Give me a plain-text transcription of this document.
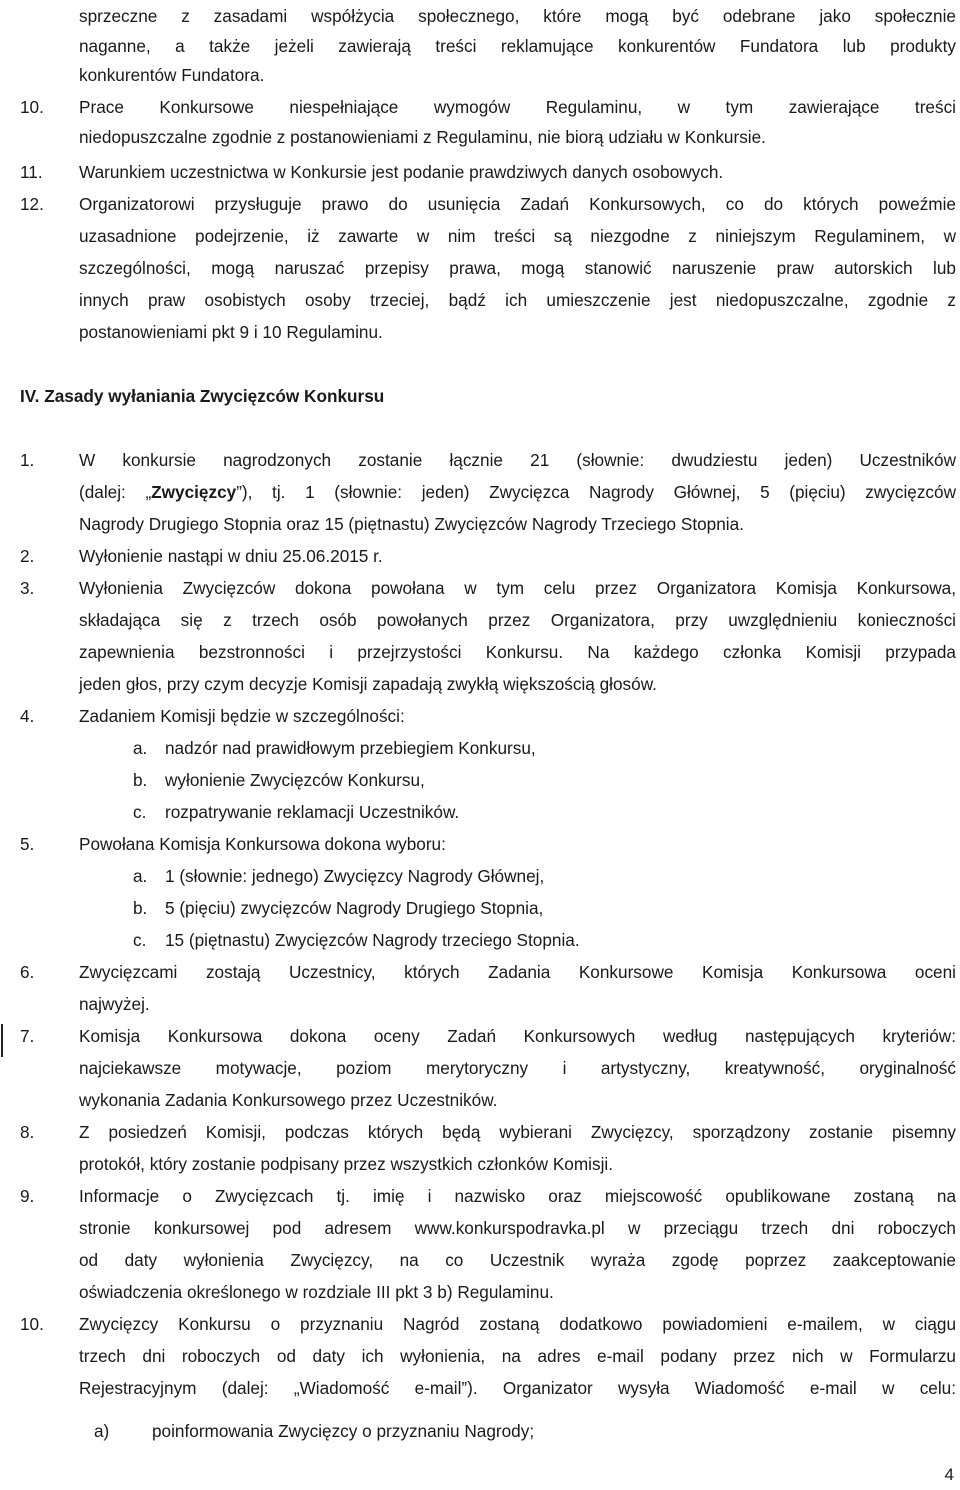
sprzeczne z zasadami współżycia społecznego, które mogą być odebrane jako społecznie
naganne, a także jeżeli zawierają treści reklamujące konkurentów Fundatora lub produkty
konkurentów Fundatora.
10. Prace Konkursowe niespełniające wymogów Regulaminu, w tym zawierające treści
niedopuszczalne zgodnie z postanowieniami z Regulaminu, nie biorą udziału w Konkursie.
11. Warunkiem uczestnictwa w Konkursie jest podanie prawdziwych danych osobowych.
12. Organizatorowi przysługuje prawo do usunięcia Zadań Konkursowych, co do których poweźmie
uzasadnione podejrzenie, iż zawarte w nim treści są niezgodne z niniejszym Regulaminem, w
szczególności, mogą naruszać przepisy prawa, mogą stanowić naruszenie praw autorskich lub
innych praw osobistych osoby trzeciej, bądź ich umieszczenie jest niedopuszczalne, zgodnie z
postanowieniami pkt 9 i 10 Regulaminu.
IV. Zasady wyłaniania Zwycięzców Konkursu
1.	W konkursie nagrodzonych zostanie łącznie 21 (słownie: dwudziestu jeden) Uczestników
(dalej: „Zwycięzcy”), tj. 1 (słownie: jeden) Zwycięzca Nagrody Głównej, 5 (pięciu) zwycięzców
Nagrody Drugiego Stopnia oraz 15 (piętnastu) Zwycięzców Nagrody Trzeciego Stopnia.
2.	Wyłonienie nastąpi w dniu 25.06.2015 r.
3.	Wyłonienia Zwycięzców dokona powołana w tym celu przez Organizatora Komisja Konkursowa,
składająca się z trzech osób powołanych przez Organizatora, przy uwzględnieniu konieczności
zapewnienia bezstronności i przejrzystości Konkursu. Na każdego członka Komisji przypada
jeden głos, przy czym decyzje Komisji zapadają zwykłą większością głosów.
4.	Zadaniem Komisji będzie w szczególności:
a. nadzór nad prawidłowym przebiegiem Konkursu,
b. wyłonienie Zwycięzców Konkursu,
c. rozpatrywanie reklamacji Uczestników.
5.	Powołana Komisja Konkursowa dokona wyboru:
a. 1 (słownie: jednego) Zwycięzcy Nagrody Głównej,
b. 5 (pięciu) zwycięzców Nagrody Drugiego Stopnia,
c. 15 (piętnastu) Zwycięzców Nagrody trzeciego Stopnia.
6.	Zwycięzcami zostają Uczestnicy, których Zadania Konkursowe Komisja Konkursowa oceni
najwyżej.
7.	Komisja Konkursowa dokona oceny Zadań Konkursowych według następujących kryteriów:
najciekawsze motywacje, poziom merytoryczny i artystyczny, kreatywność, oryginalność
wykonania Zadania Konkursowego przez Uczestników.
8.	Z posiedzeń Komisji, podczas których będą wybierani Zwycięzcy, sporządzony zostanie pisemny
protokół, który zostanie podpisany przez wszystkich członków Komisji.
9.	Informacje o Zwycięzcach tj. imię i nazwisko oraz miejscowość opublikowane zostaną na
stronie konkursowej pod adresem www.konkurspodravka.pl w przeciągu trzech dni roboczych
od daty wyłonienia Zwycięzcy, na co Uczestnik wyraża zgodę poprzez zaakceptowanie
oświadczenia określonego w rozdziale III pkt 3 b) Regulaminu.
10. Zwycięzcy Konkursu o przyznaniu Nagród zostaną dodatkowo powiadomieni e-mailem, w ciągu
trzech dni roboczych od daty ich wyłonienia, na adres e-mail podany przez nich w Formularzu
Rejestracyjnym (dalej: „Wiadomość e-mail”). Organizator wysyła Wiadomość e-mail w celu:
a) poinformowania Zwycięzcy o przyznaniu Nagrody;
4
